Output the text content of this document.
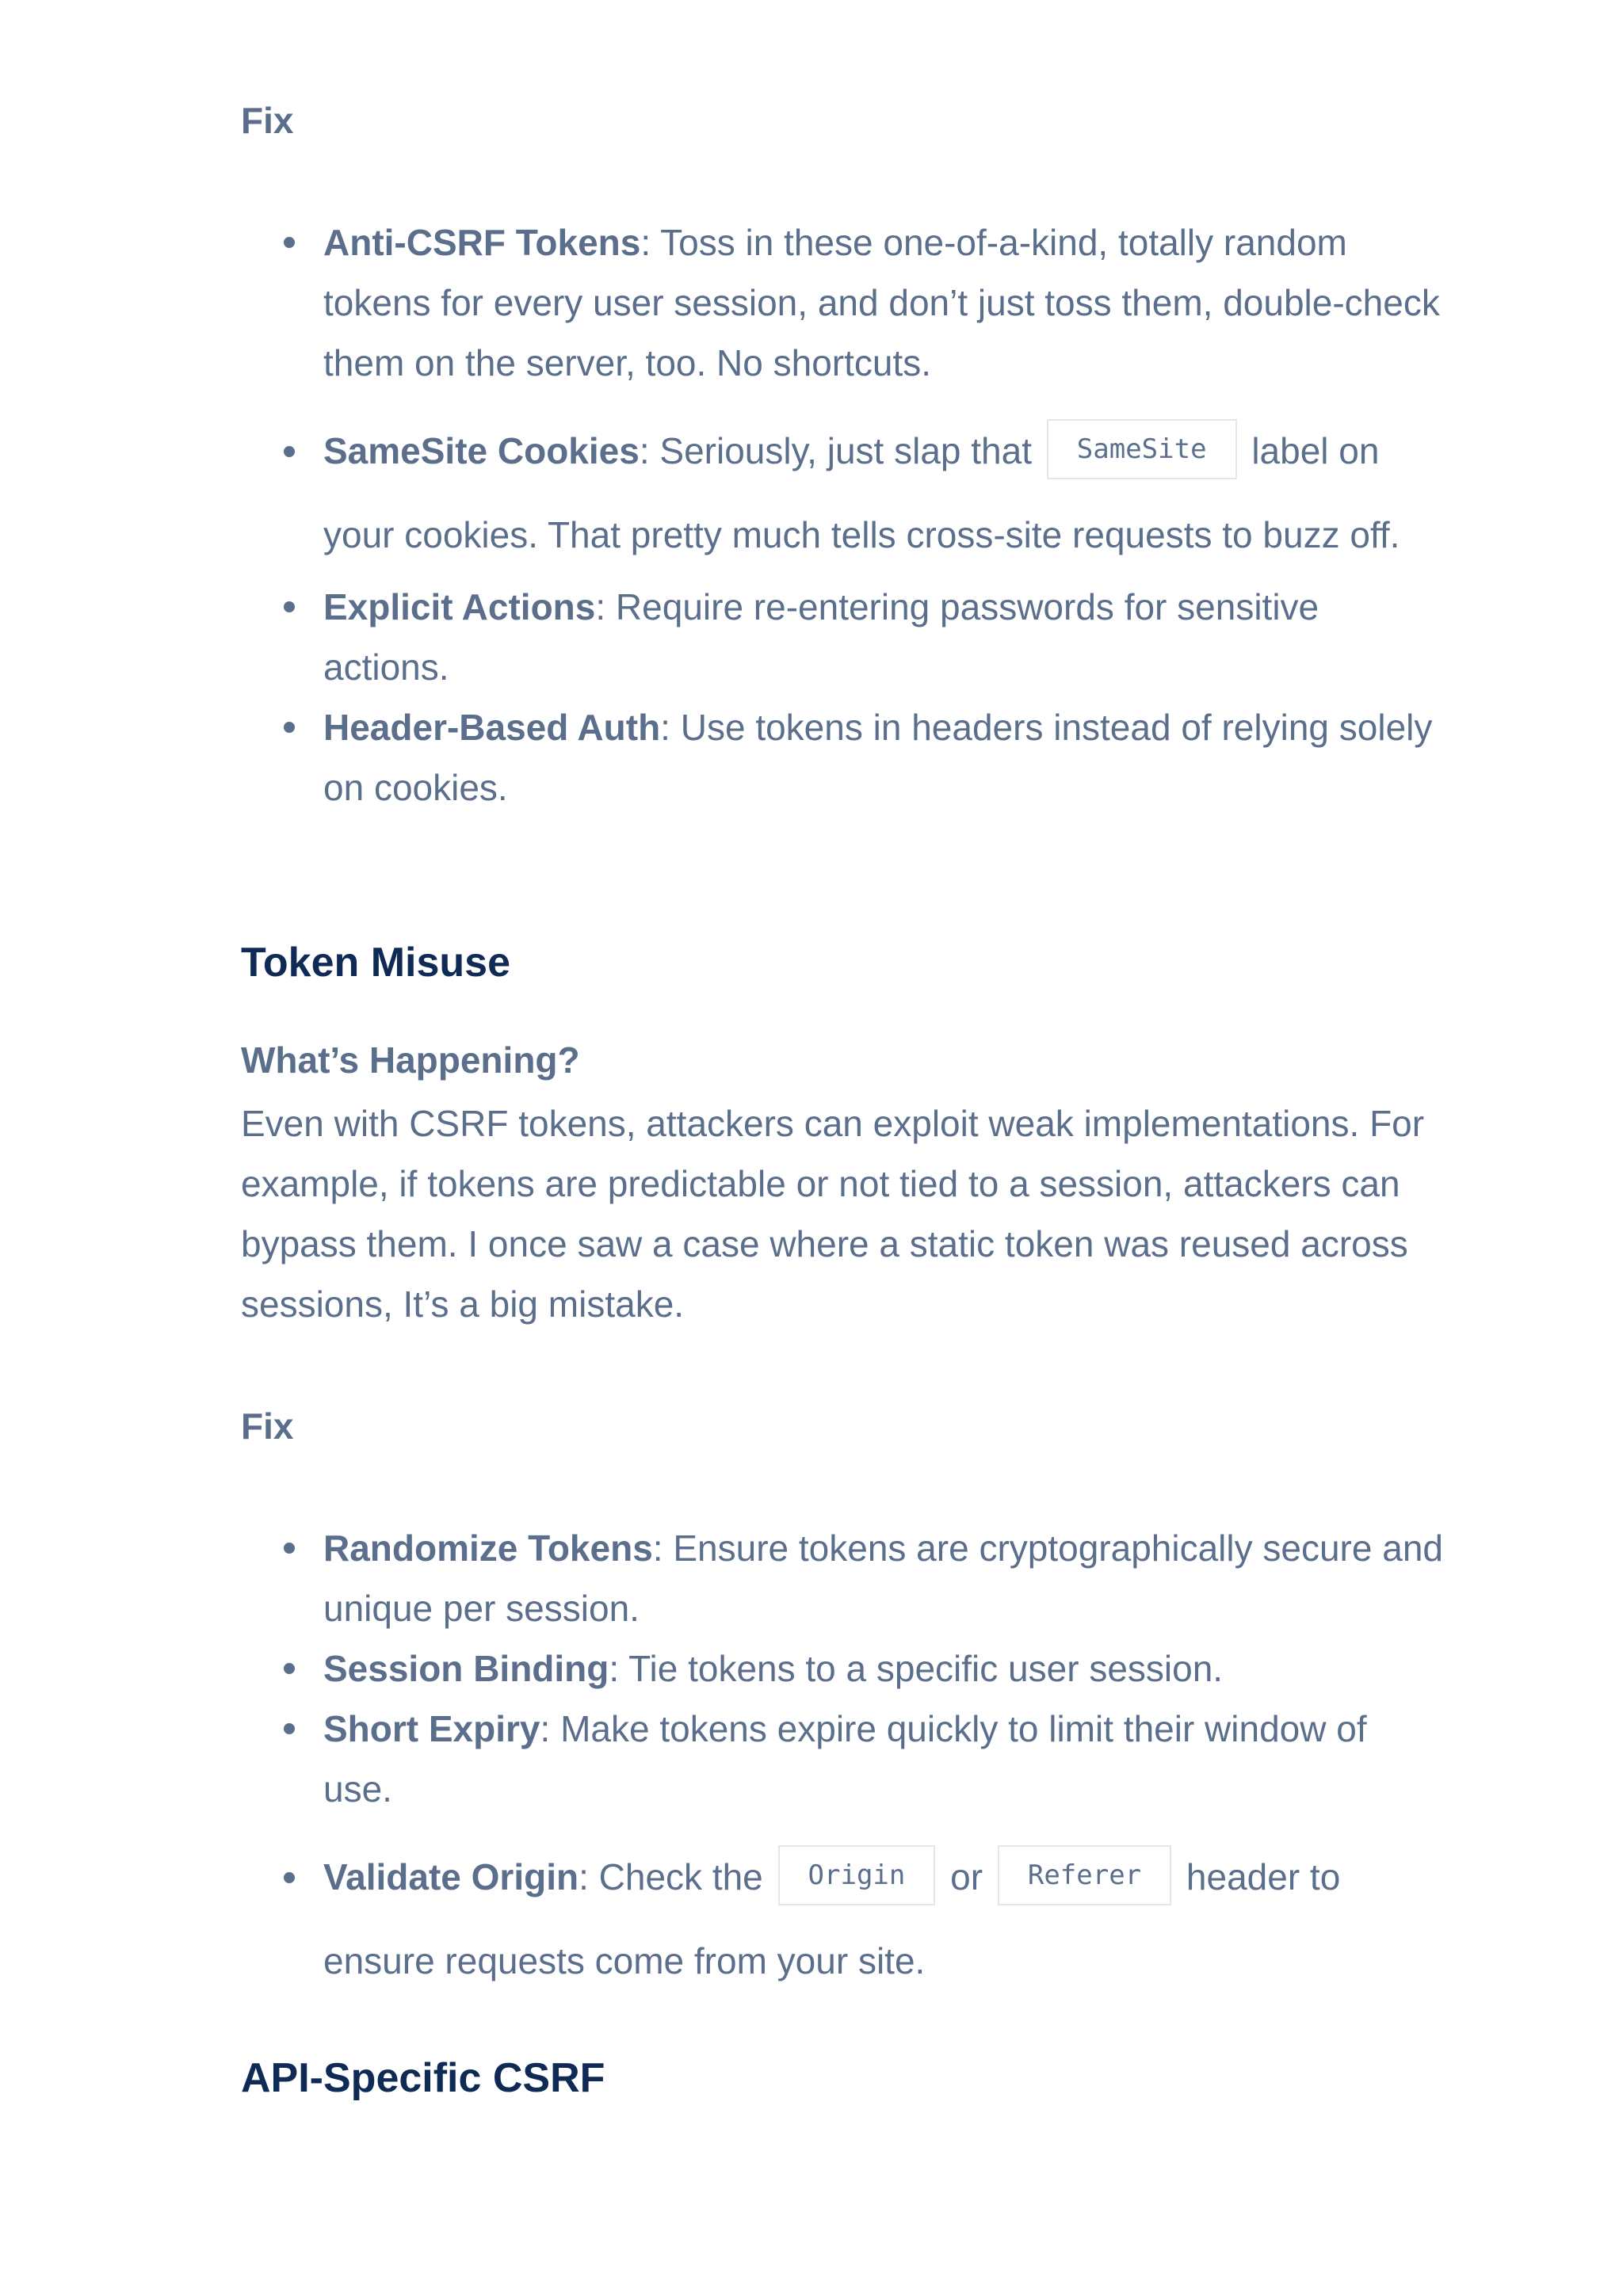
Fix
Anti-CSRF Tokens: Toss in these one-of-a-kind, totally random tokens for every user session, and don’t just toss them, double-check them on the server, too. No shortcuts.
SameSite Cookies: Seriously, just slap that SameSite label on your cookies. That pretty much tells cross-site requests to buzz off.
Explicit Actions: Require re-entering passwords for sensitive actions.
Header-Based Auth: Use tokens in headers instead of relying solely on cookies.
Token Misuse
What’s Happening?

Even with CSRF tokens, attackers can exploit weak implementations. For example, if tokens are predictable or not tied to a session, attackers can bypass them. I once saw a case where a static token was reused across sessions, It’s a big mistake.

Fix
Randomize Tokens: Ensure tokens are cryptographically secure and unique per session.
Session Binding: Tie tokens to a specific user session.
Short Expiry: Make tokens expire quickly to limit their window of use.
Validate Origin: Check the Origin or Referer header to ensure requests come from your site.
API-Specific CSRF
